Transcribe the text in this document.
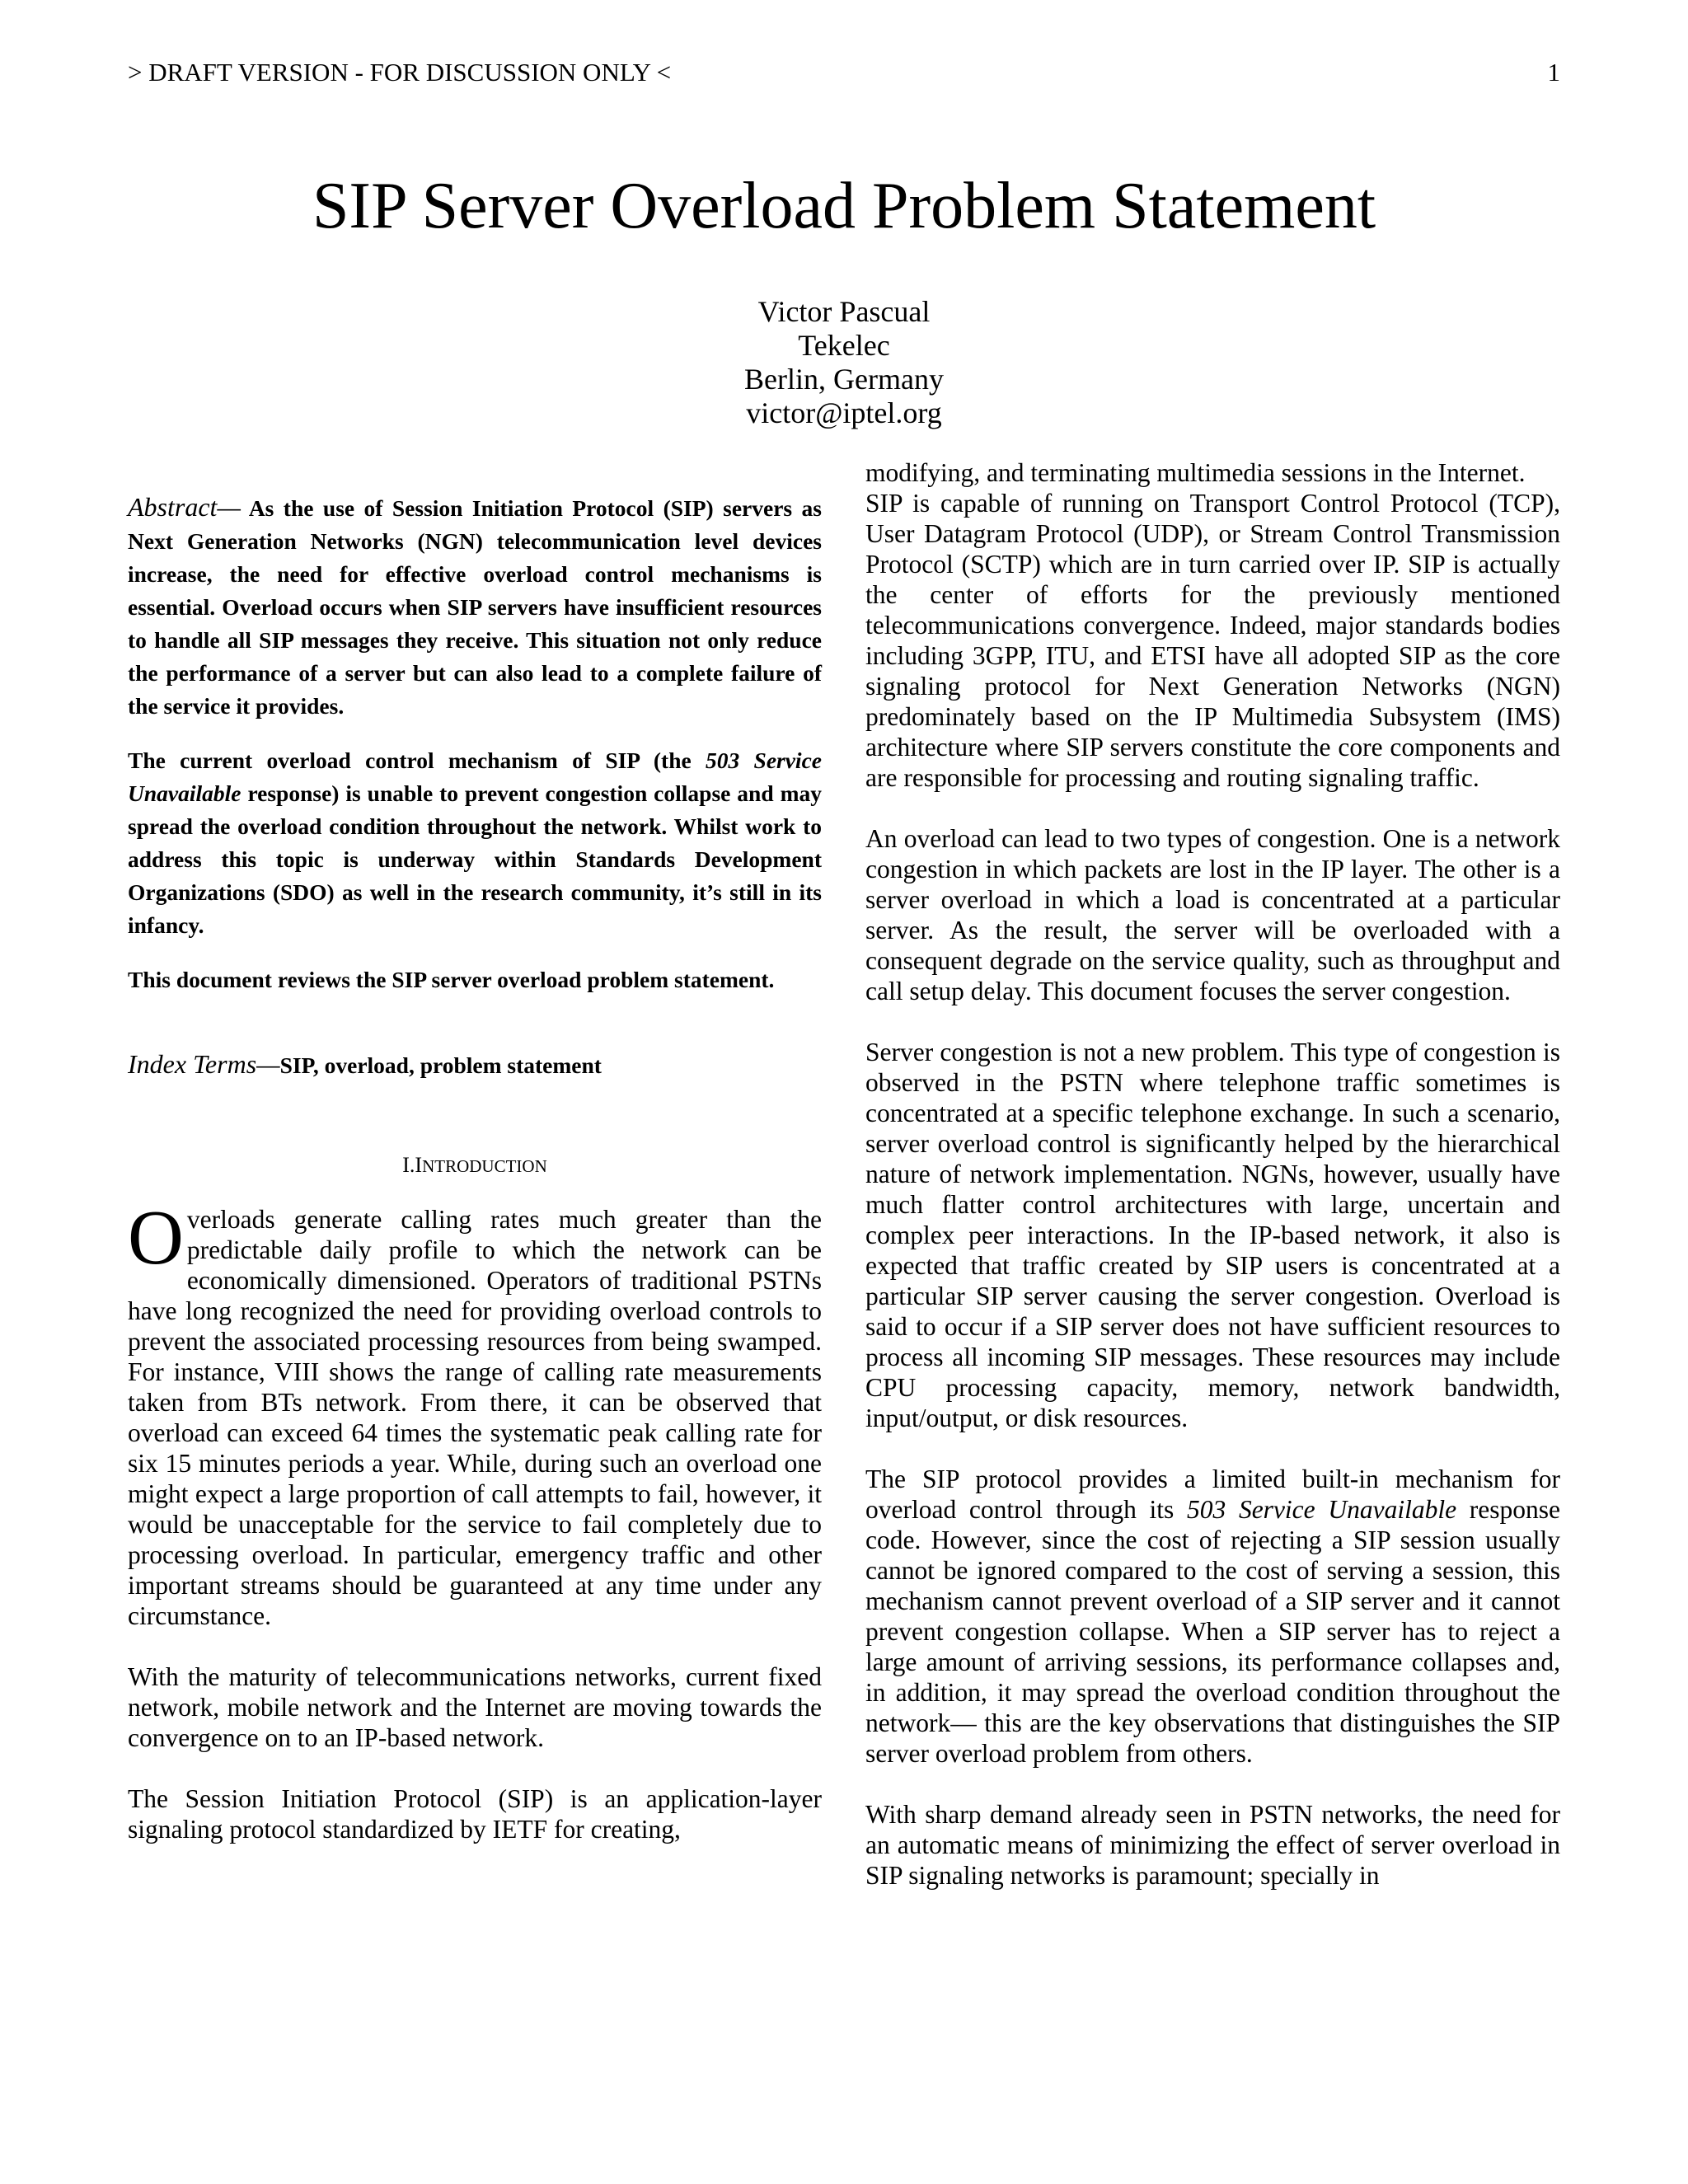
> DRAFT VERSION - FOR DISCUSSION ONLY <	1
SIP Server Overload Problem Statement
Victor Pascual
Tekelec
Berlin, Germany
victor@iptel.org

Abstract— As the use of Session Initiation Protocol (SIP) servers as Next Generation Networks (NGN) telecommunication level devices increase, the need for effective overload control mechanisms is essential. Overload occurs when SIP servers have insufficient resources to handle all SIP messages they receive. This situation not only reduce the performance of a server but can also lead to a complete failure of the service it provides.

The current overload control mechanism of SIP (the 503 Service Unavailable response) is unable to prevent congestion collapse and may spread the overload condition throughout the network. Whilst work to address this topic is underway within Standards Development Organizations (SDO) as well in the research community, it’s still in its infancy.

This document reviews the SIP server overload problem statement.

Index Terms—SIP, overload, problem statement

I.INTRODUCTION

Overloads generate calling rates much greater than the predictable daily profile to which the network can be economically dimensioned. Operators of traditional PSTNs have long recognized the need for providing overload controls to prevent the associated processing resources from being swamped. For instance, VIII shows the range of calling rate measurements taken from BTs network. From there, it can be observed that overload can exceed 64 times the systematic peak calling rate for six 15 minutes periods a year. While, during such an overload one might expect a large proportion of call attempts to fail, however, it would be unacceptable for the service to fail completely due to processing overload. In particular, emergency traffic and other important streams should be guaranteed at any time under any circumstance.

With the maturity of telecommunications networks, current fixed network, mobile network and the Internet are moving towards the convergence on to an IP-based network.

The Session Initiation Protocol (SIP) is an application-layer signaling protocol standardized by IETF for creating,

modifying, and terminating multimedia sessions in the Internet.

SIP is capable of running on Transport Control Protocol (TCP), User Datagram Protocol (UDP), or Stream Control Transmission Protocol (SCTP) which are in turn carried over IP. SIP is actually the center of efforts for the previously mentioned telecommunications convergence. Indeed, major standards bodies including 3GPP, ITU, and ETSI have all adopted SIP as the core signaling protocol for Next Generation Networks (NGN) predominately based on the IP Multimedia Subsystem (IMS) architecture where SIP servers constitute the core components and are responsible for processing and routing signaling traffic.

An overload can lead to two types of congestion. One is a network congestion in which packets are lost in the IP layer. The other is a server overload in which a load is concentrated at a particular server. As the result, the server will be overloaded with a consequent degrade on the service quality, such as throughput and call setup delay. This document focuses the server congestion.

Server congestion is not a new problem. This type of congestion is observed in the PSTN where telephone traffic sometimes is concentrated at a specific telephone exchange. In such a scenario, server overload control is significantly helped by the hierarchical nature of network implementation. NGNs, however, usually have much flatter control architectures with large, uncertain and complex peer interactions. In the IP-based network, it also is expected that traffic created by SIP users is concentrated at a particular SIP server causing the server congestion. Overload is said to occur if a SIP server does not have sufficient resources to process all incoming SIP messages. These resources may include CPU processing capacity, memory, network bandwidth, input/output, or disk resources.

The SIP protocol provides a limited built-in mechanism for overload control through its 503 Service Unavailable response code. However, since the cost of rejecting a SIP session usually cannot be ignored compared to the cost of serving a session, this mechanism cannot prevent overload of a SIP server and it cannot prevent congestion collapse. When a SIP server has to reject a large amount of arriving sessions, its performance collapses and, in addition, it may spread the overload condition throughout the network— this are the key observations that distinguishes the SIP server overload problem from others.

With sharp demand already seen in PSTN networks, the need for an automatic means of minimizing the effect of server overload in SIP signaling networks is paramount; specially in
